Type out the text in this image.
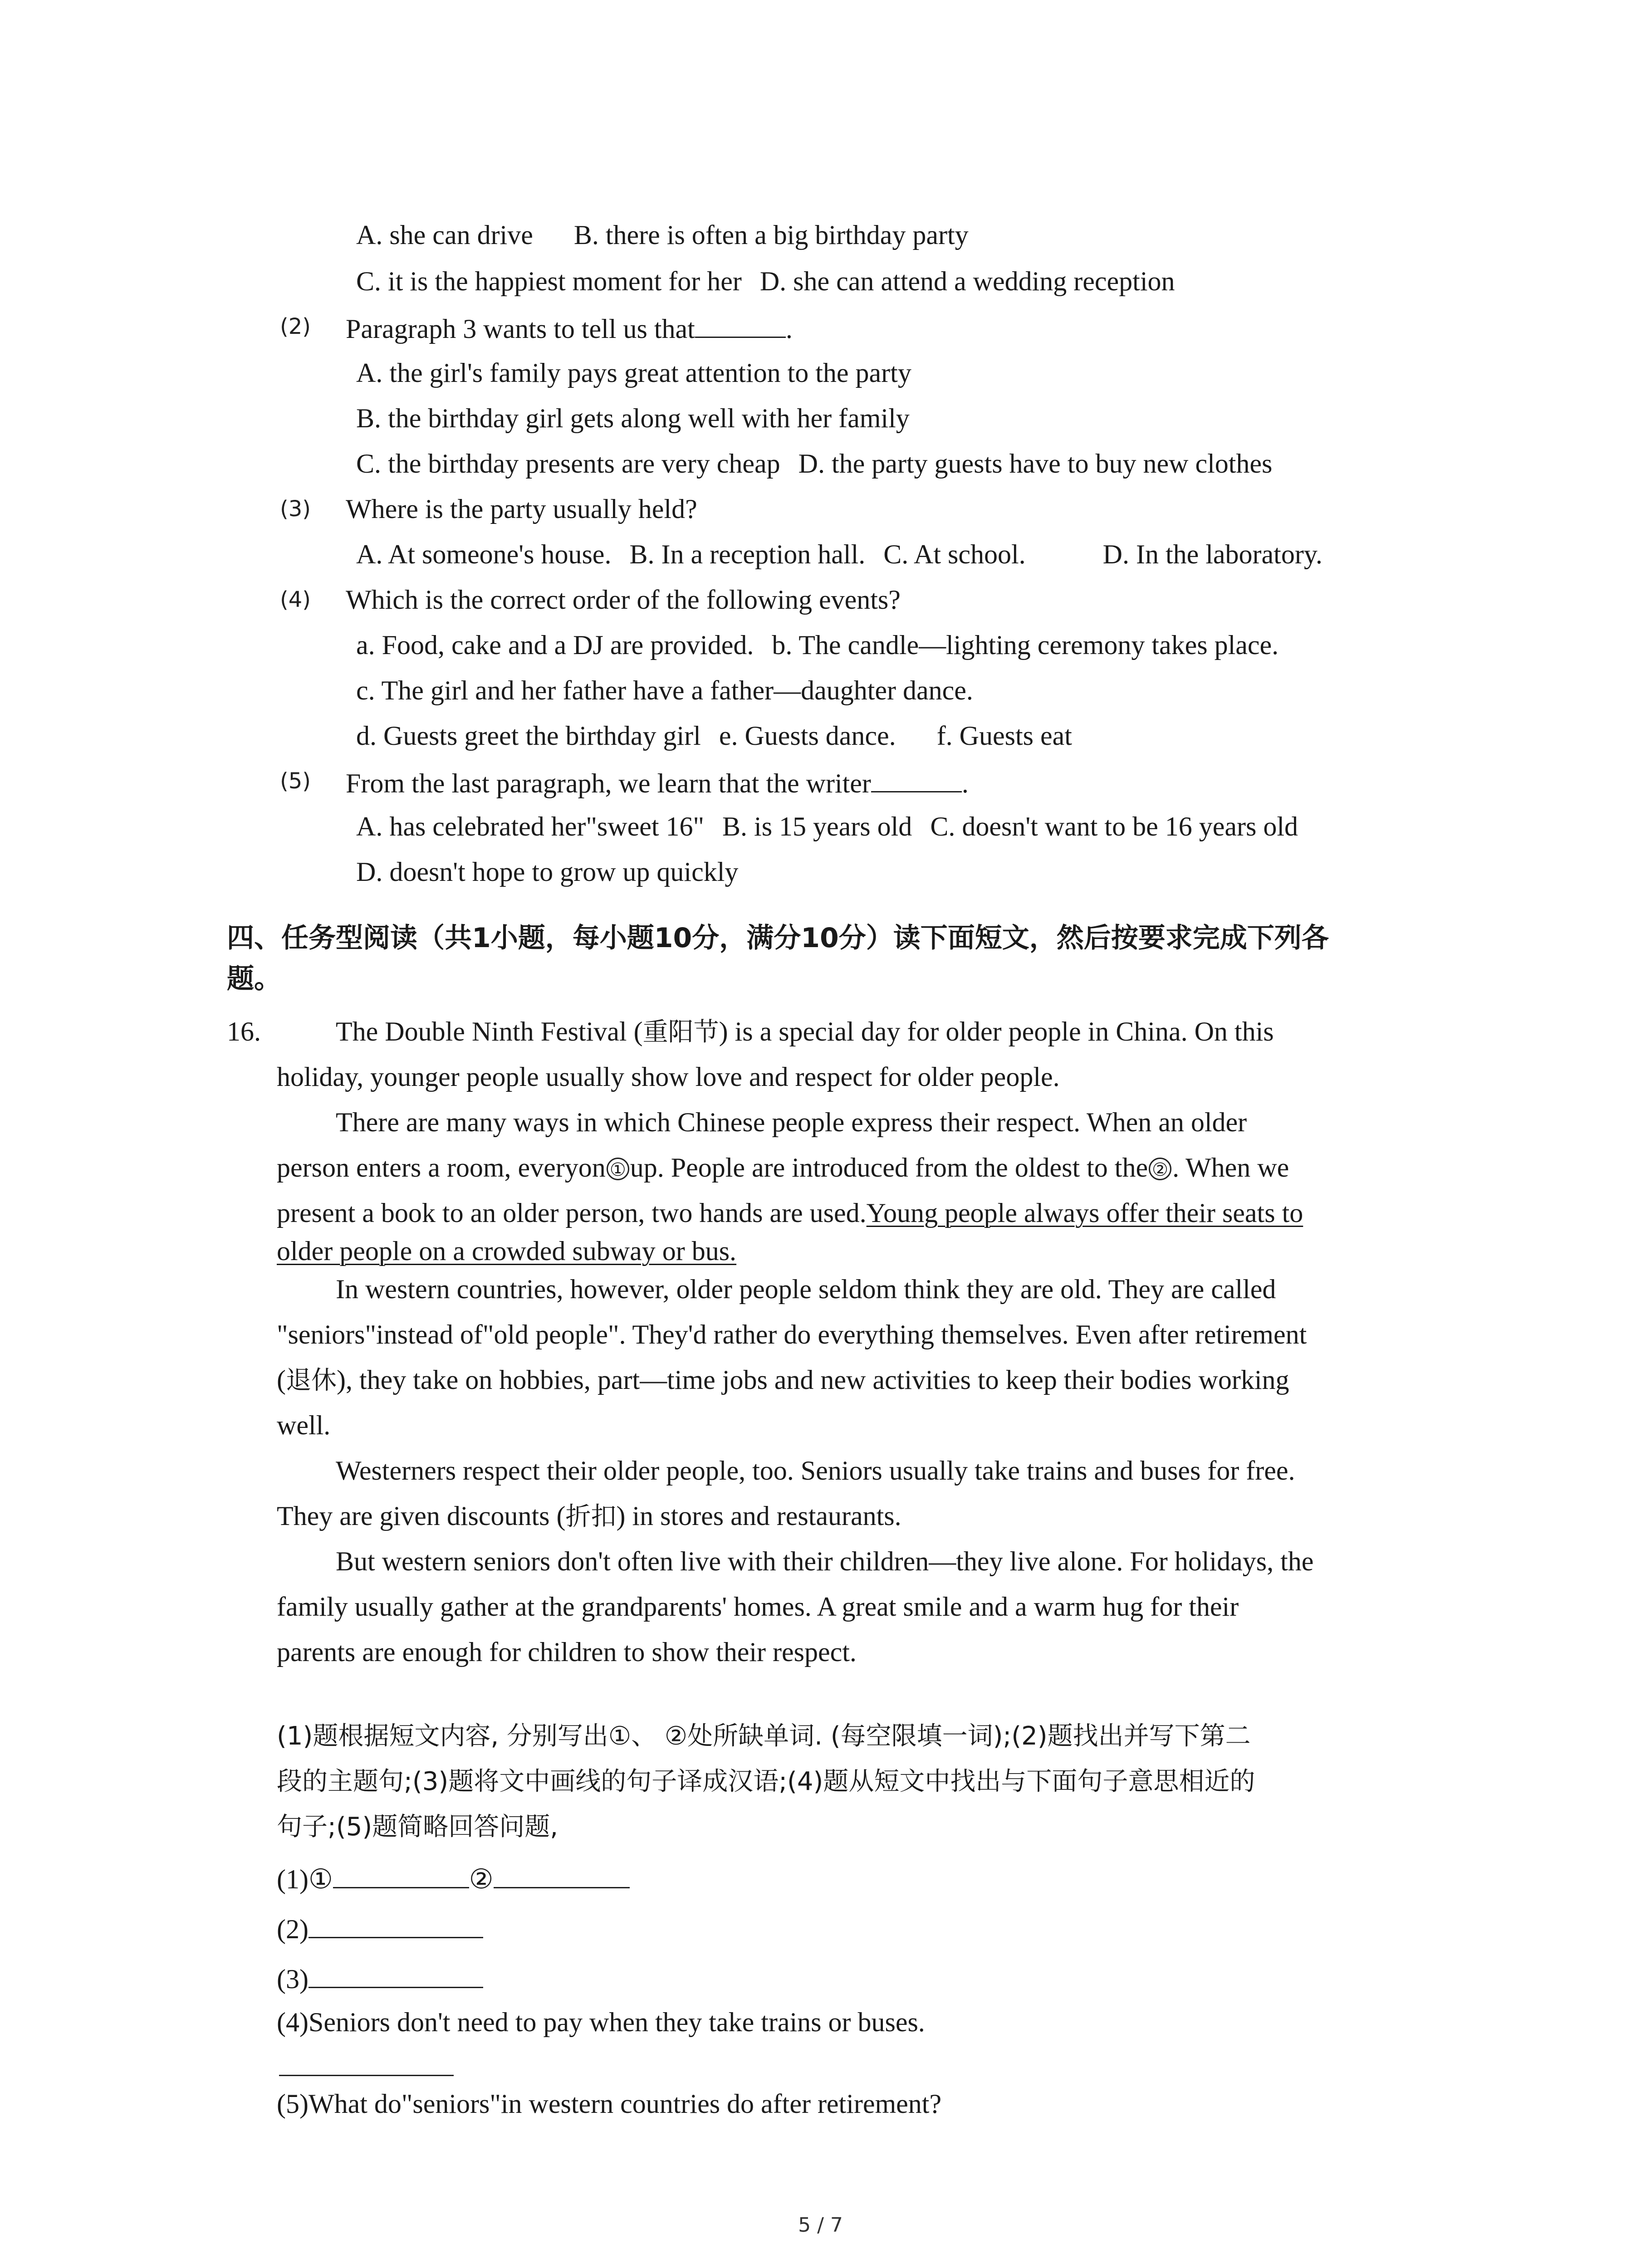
A. she can drive B. there is often a big birthday party
C. it is the happiest moment for her D. she can attend a wedding reception
(2) Paragraph 3 wants to tell us that	.
A. the girl's family pays great attention to the party
B. the birthday girl gets along well with her family
C. the birthday presents are very cheap D. the party guests have to buy new clothes
(3) Where is the party usually held?
A. At someone's house. B. In a reception hall. C. At school.	D. In the laboratory.
(4) Which is the correct order of the following events?
a. Food, cake and a DJ are provided. b. The candle—lighting ceremony takes place.
c. The girl and her father have a father—daughter dance.
d. Guests greet the birthday girl e. Guests dance. f. Guests eat
(5) From the last paragraph, we learn that the writer	.
A. has celebrated her"sweet 16" B. is 15 years old C. doesn't want to be 16 years old
D. doesn't hope to grow up quickly
四、任务型阅读（共1小题，每小题10分，满分10分）读下面短文，然后按要求完成下列各
题。
16.	The Double Ninth Festival (重阳节) is a special day for older people in China. On this
holiday, younger people usually show love and respect for older people.
There are many ways in which Chinese people express their respect. When an older
person enters a room, everyon ① up. People are introduced from the oldest to the ② . When we
present a book to an older person, two hands are used.Young people always offer their seats to
older people on a crowded subway or bus.
In western countries, however, older people seldom think they are old. They are called
"seniors"instead of"old people". They'd rather do everything themselves. Even after retirement
(退休), they take on hobbies, part—time jobs and new activities to keep their bodies working
well.
Westerners respect their older people, too. Seniors usually take trains and buses for free.
They are given discounts (折扣) in stores and restaurants.
But western seniors don't often live with their children—they live alone. For holidays, the
family usually gather at the grandparents' homes. A great smile and a warm hug for their
parents are enough for children to show their respect.
(1)题根据短文内容, 分别写出①、 ②处所缺单词. (每空限填一词);(2)题找出并写下第二
段的主题句;(3)题将文中画线的句子译成汉语;(4)题从短文中找出与下面句子意思相近的
句子;(5)题简略回答问题,
(1)①	②
(2)
(3)
(4)Seniors don't need to pay when they take trains or buses.
(5)What do"seniors"in western countries do after retirement?
5 / 7
